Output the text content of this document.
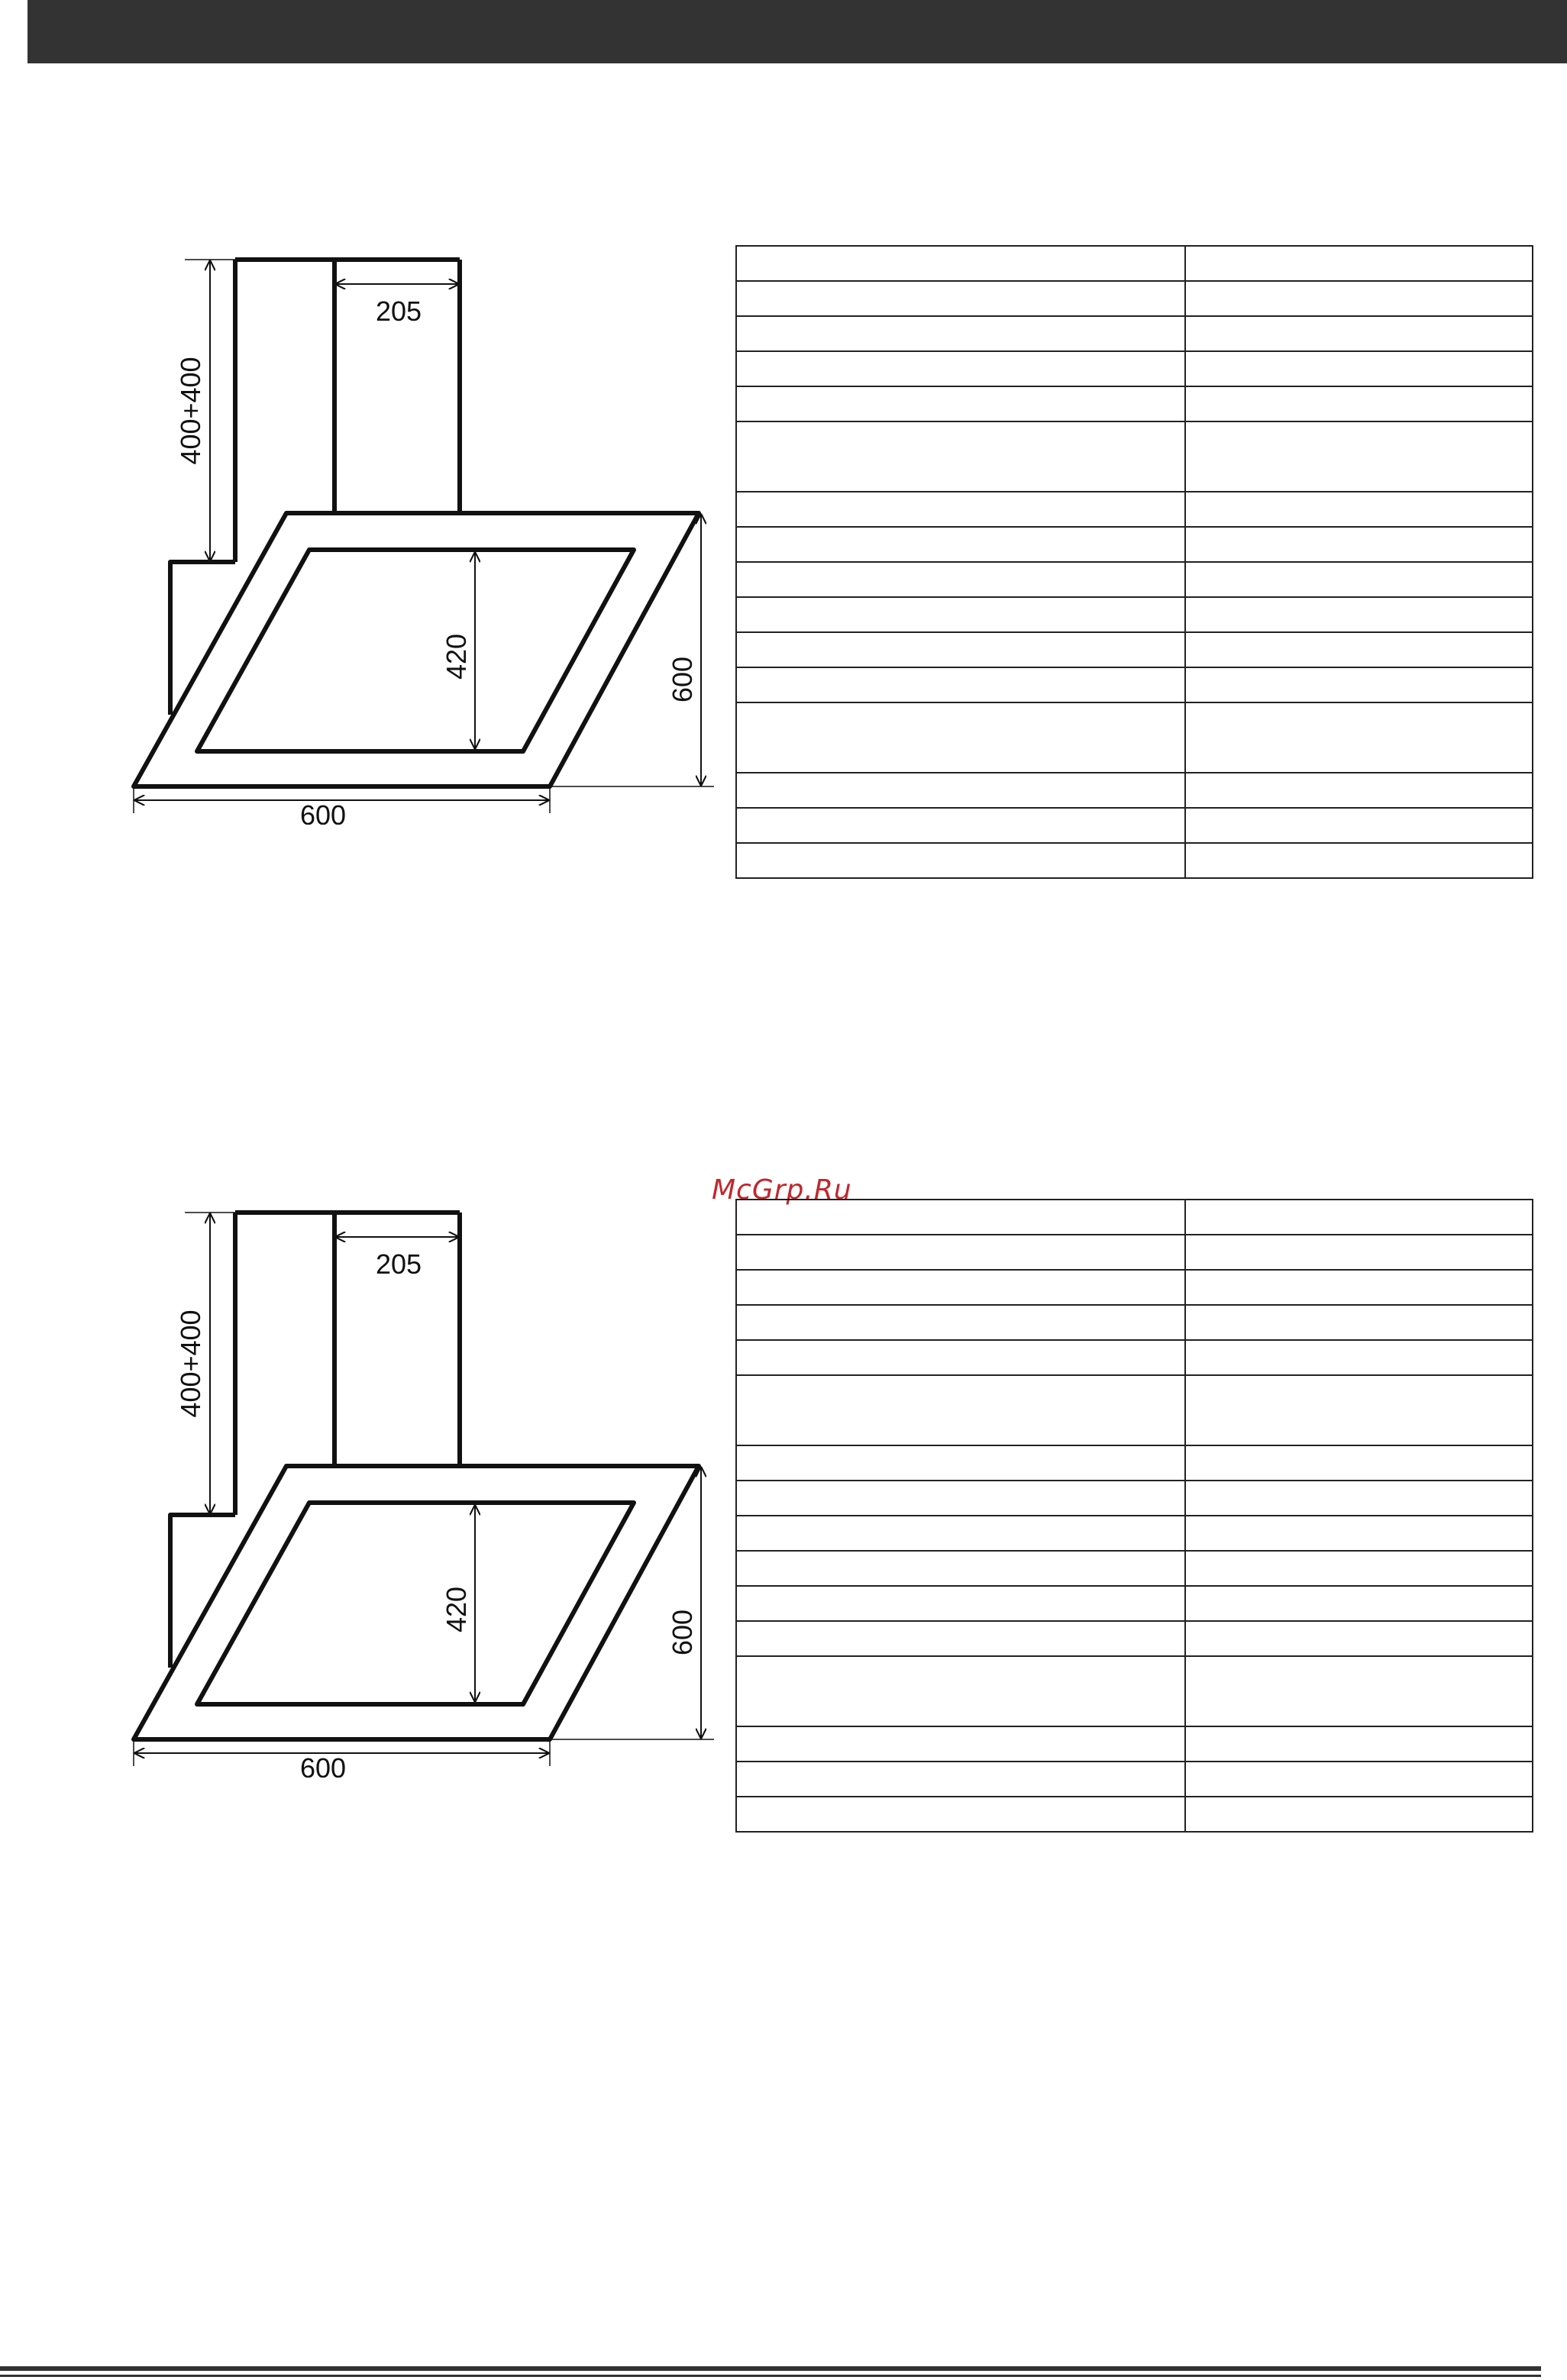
400+400
205
420	600
600

McGrp.Ru
400+400
205
420	600
600
